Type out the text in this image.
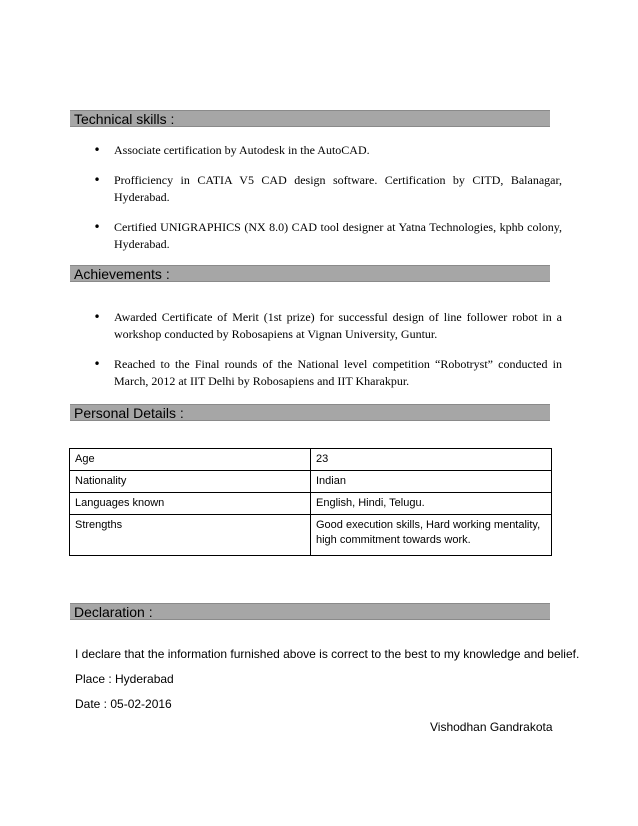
Technical skills :
• Associate certification by Autodesk in the AutoCAD.
• Profficiency in CATIA V5 CAD design software. Certification by CITD, Balanagar, Hyderabad.
• Certified UNIGRAPHICS (NX 8.0) CAD tool designer at Yatna Technologies, kphb colony, Hyderabad.
Achievements :
• Awarded Certificate of Merit (1st prize) for successful design of line follower robot in a workshop conducted by Robosapiens at Vignan University, Guntur.
• Reached to the Final rounds of the National level competition “Robotryst” conducted in March, 2012 at IIT Delhi by Robosapiens and IIT Kharakpur.
Personal Details :
Age	23
Nationality	Indian
Languages known	English, Hindi, Telugu.
Strengths	Good execution skills, Hard working mentality, high commitment towards work.
Declaration :
I declare that the information furnished above is correct to the best to my knowledge and belief.
Place : Hyderabad
Date : 05-02-2016
Vishodhan Gandrakota
